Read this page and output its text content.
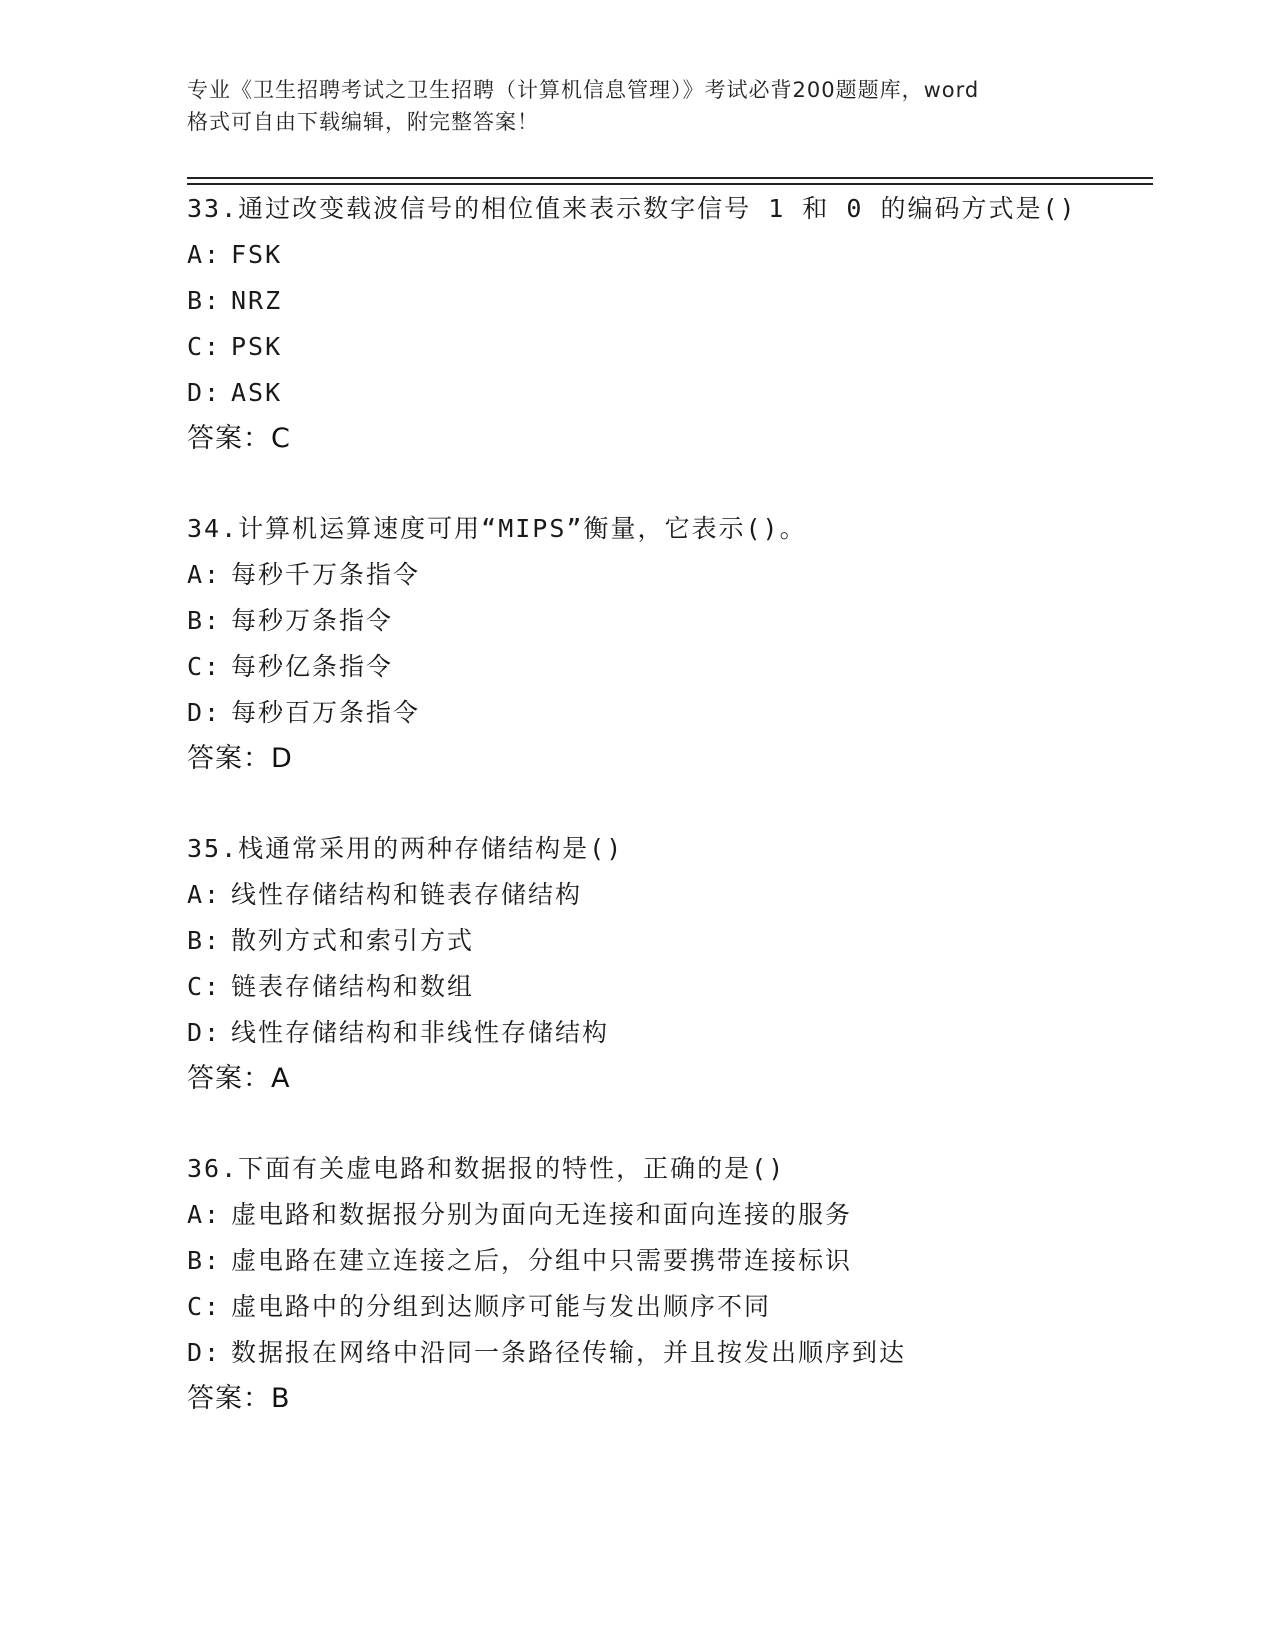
专业《卫生招聘考试之卫生招聘（计算机信息管理）》考试必背200题题库，word
格式可自由下载编辑，附完整答案！
33.通过改变载波信号的相位值来表示数字信号 1 和 0 的编码方式是()
A: FSK
B: NRZ
C: PSK
D: ASK
答案：C
34.计算机运算速度可用“MIPS”衡量，它表示()。
A: 每秒千万条指令
B: 每秒万条指令
C: 每秒亿条指令
D: 每秒百万条指令
答案：D
35.栈通常采用的两种存储结构是()
A: 线性存储结构和链表存储结构
B: 散列方式和索引方式
C: 链表存储结构和数组
D: 线性存储结构和非线性存储结构
答案：A
36.下面有关虚电路和数据报的特性，正确的是()
A: 虚电路和数据报分别为面向无连接和面向连接的服务
B: 虚电路在建立连接之后，分组中只需要携带连接标识
C: 虚电路中的分组到达顺序可能与发出顺序不同
D: 数据报在网络中沿同一条路径传输，并且按发出顺序到达
答案：B
